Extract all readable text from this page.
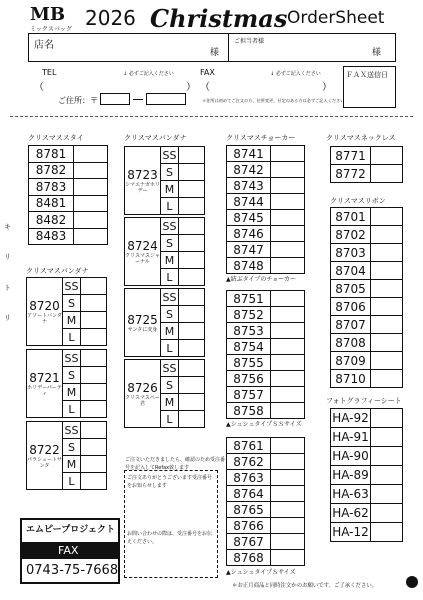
MB
ミックスバッグ 2026 Christmas OrderSheet
店名
様
ご担当者様
様
TEL	↓ 必ずご記入ください
（	）
FAX	↓ 必ずご記入ください
（	）
ＦＡＸ送信日
ご住所：〒	＊住所は初めてご注文の方、住所変更、社定のある方は必ずご記入ください
キ
リ
ト
リ
クリスマススタイ
8781	
8782	
8783	
8481	
8482	
8483	
クリスマスバンダナ
8720
アソートバンダナ	SS	
	S	
	M	
	L	
8721
ホリデーパーティ	SS	
	S	
	M	
	L	
8722
パラシュートサンタ	SS	
	S	
	M	
	L	
クリスマスバンダナ
8723
シマエナガホリデー	SS	
	S	
	M	
	L	
8724
クリスマスジャーナル	SS	
	S	
	M	
	L	
8725
サンタに変身	SS	
	S	
	M	
	L	
8726
クリスマスベー君	SS	
	S	
	M	
	L	
ご注文いただきましたら、確認のため受注番号を記入してRefax致します
ご注文ありがとうございます受注番号をお知らせします
お問い合わせの際は、受注番号をお伝えください。
クリスマスチョーカー
8741	
8742	
8743	
8744	
8745	
8746	
8747	
8748	
▲結ぶタイプのチョーカー
8751	
8752	
8753	
8754	
8755	
8756	
8757	
8758	
▲シュシュタイプＳＳサイズ
8761	
8762	
8763	
8764	
8765	
8766	
8767	
8768	
▲シュシュタイプＳサイズ
クリスマスネックレス
8771	
8772	
クリスマスリボン
8701	
8702	
8703	
8704	
8705	
8706	
8707	
8708	
8709	
8710	
フォトグラフィーシート
HA-92	
HA-91	
HA-90	
HA-89	
HA-63	
HA-62	
HA-12	
エムピープロジェクト
FAX
0743-75-7668
＊お正月商品と同時注文かのお願いです。ご了承ください。
